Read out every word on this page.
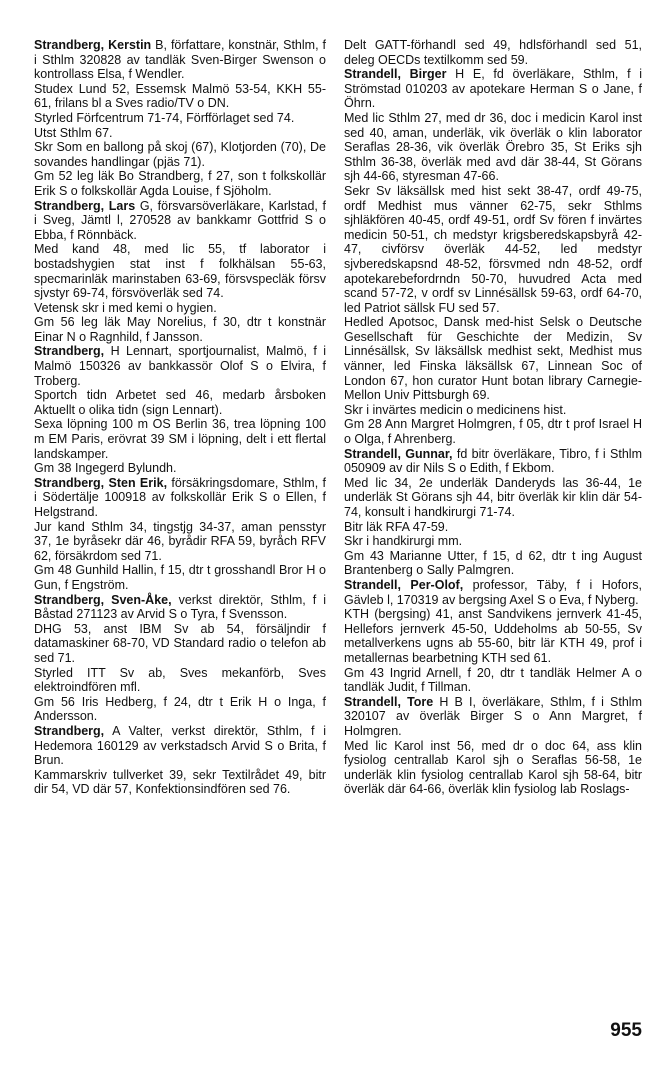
Strandberg, Kerstin B, författare, konstnär, Sthlm, f i Sthlm 320828 av tandläk Sven-Birger Swenson o kontrollass Elsa, f Wendler.

Studex Lund 52, Essemsk Malmö 53-54, KKH 55-61, frilans bl a Sves radio/TV o DN.

Styrled Förfcentrum 71-74, Förfförlaget sed 74.

Utst Sthlm 67.

Skr Som en ballong på skoj (67), Klotjorden (70), De sovandes handlingar (pjäs 71).

Gm 52 leg läk Bo Strandberg, f 27, son t folkskollär Erik S o folkskollär Agda Louise, f Sjöholm.

Strandberg, Lars G, försvarsöverläkare, Karlstad, f i Sveg, Jämtl l, 270528 av bankkamr Gottfrid S o Ebba, f Rönnbäck.

Med kand 48, med lic 55, tf laborator i bostadshygien stat inst f folkhälsan 55-63, specmarinläk marinstaben 63-69, försvspecläk försv sjvstyr 69-74, försvöverläk sed 74.

Vetensk skr i med kemi o hygien.

Gm 56 leg läk May Norelius, f 30, dtr t konstnär Einar N o Ragnhild, f Jansson.

Strandberg, H Lennart, sportjournalist, Malmö, f i Malmö 150326 av bankkassör Olof S o Elvira, f Troberg.

Sportch tidn Arbetet sed 46, medarb årsboken Aktuellt o olika tidn (sign Lennart).

Sexa löpning 100 m OS Berlin 36, trea löpning 100 m EM Paris, erövrat 39 SM i löpning, delt i ett flertal landskamper.

Gm 38 Ingegerd Bylundh.

Strandberg, Sten Erik, försäkringsdomare, Sthlm, f i Södertälje 100918 av folkskollär Erik S o Ellen, f Helgstrand.

Jur kand Sthlm 34, tingstjg 34-37, aman pensstyr 37, 1e byråsekr där 46, byrådir RFA 59, byråch RFV 62, försäkrdom sed 71.

Gm 48 Gunhild Hallin, f 15, dtr t grosshandl Bror H o Gun, f Engström.

Strandberg, Sven-Åke, verkst direktör, Sthlm, f i Båstad 271123 av Arvid S o Tyra, f Svensson.

DHG 53, anst IBM Sv ab 54, försäljndir f datamaskiner 68-70, VD Standard radio o telefon ab sed 71.

Styrled ITT Sv ab, Sves mekanförb, Sves elektroindfören mfl.

Gm 56 Iris Hedberg, f 24, dtr t Erik H o Inga, f Andersson.

Strandberg, A Valter, verkst direktör, Sthlm, f i Hedemora 160129 av verkstadsch Arvid S o Brita, f Brun.

Kammarskriv tullverket 39, sekr Textilrådet 49, bitr dir 54, VD där 57, Konfektionsindfören sed 76.

Delt GATT-förhandl sed 49, hdlsförhandl sed 51, deleg OECDs textilkomm sed 59.

Strandell, Birger H E, fd överläkare, Sthlm, f i Strömstad 010203 av apotekare Herman S o Jane, f Öhrn.

Med lic Sthlm 27, med dr 36, doc i medicin Karol inst sed 40, aman, underläk, vik överläk o klin laborator Seraflas 28-36, vik överläk Örebro 35, St Eriks sjh Sthlm 36-38, överläk med avd där 38-44, St Görans sjh 44-66, styresman 47-66.

Sekr Sv läksällsk med hist sekt 38-47, ordf 49-75, ordf Medhist mus vänner 62-75, sekr Sthlms sjhläkfören 40-45, ordf 49-51, ordf Sv fören f invärtes medicin 50-51, ch medstyr krigsberedskapsbyrå 42-47, civförsv överläk 44-52, led medstyr sjvberedskapsnd 48-52, försvmed ndn 48-52, ordf apotekarebefordrndn 50-70, huvudred Acta med scand 57-72, v ordf sv Linnésällsk 59-63, ordf 64-70, led Patriot sällsk FU sed 57.

Hedled Apotsoc, Dansk med-hist Selsk o Deutsche Gesellschaft für Geschichte der Medizin, Sv Linnésällsk, Sv läksällsk medhist sekt, Medhist mus vänner, led Finska läksällsk 67, Linnean Soc of London 67, hon curator Hunt botan library Carnegie-Mellon Univ Pittsburgh 69.

Skr i invärtes medicin o medicinens hist.

Gm 28 Ann Margret Holmgren, f 05, dtr t prof Israel H o Olga, f Ahrenberg.

Strandell, Gunnar, fd bitr överläkare, Tibro, f i Sthlm 050909 av dir Nils S o Edith, f Ekbom.

Med lic 34, 2e underläk Danderyds las 36-44, 1e underläk St Görans sjh 44, bitr överläk kir klin där 54-74, konsult i handkirurgi 71-74.

Bitr läk RFA 47-59.

Skr i handkirurgi mm.

Gm 43 Marianne Utter, f 15, d 62, dtr t ing August Brantenberg o Sally Palmgren.

Strandell, Per-Olof, professor, Täby, f i Hofors, Gävleb l, 170319 av bergsing Axel S o Eva, f Nyberg.

KTH (bergsing) 41, anst Sandvikens jernverk 41-45, Hellefors jernverk 45-50, Uddeholms ab 50-55, Sv metallverkens ugns ab 55-60, bitr lär KTH 49, prof i metallernas bearbetning KTH sed 61.

Gm 43 Ingrid Arnell, f 20, dtr t tandläk Helmer A o tandläk Judit, f Tillman.

Strandell, Tore H B I, överläkare, Sthlm, f i Sthlm 320107 av överläk Birger S o Ann Margret, f Holmgren.

Med lic Karol inst 56, med dr o doc 64, ass klin fysiolog centrallab Karol sjh o Seraflas 56-58, 1e underläk klin fysiolog centrallab Karol sjh 58-64, bitr överläk där 64-66, överläk klin fysiolog lab Roslags-

955
